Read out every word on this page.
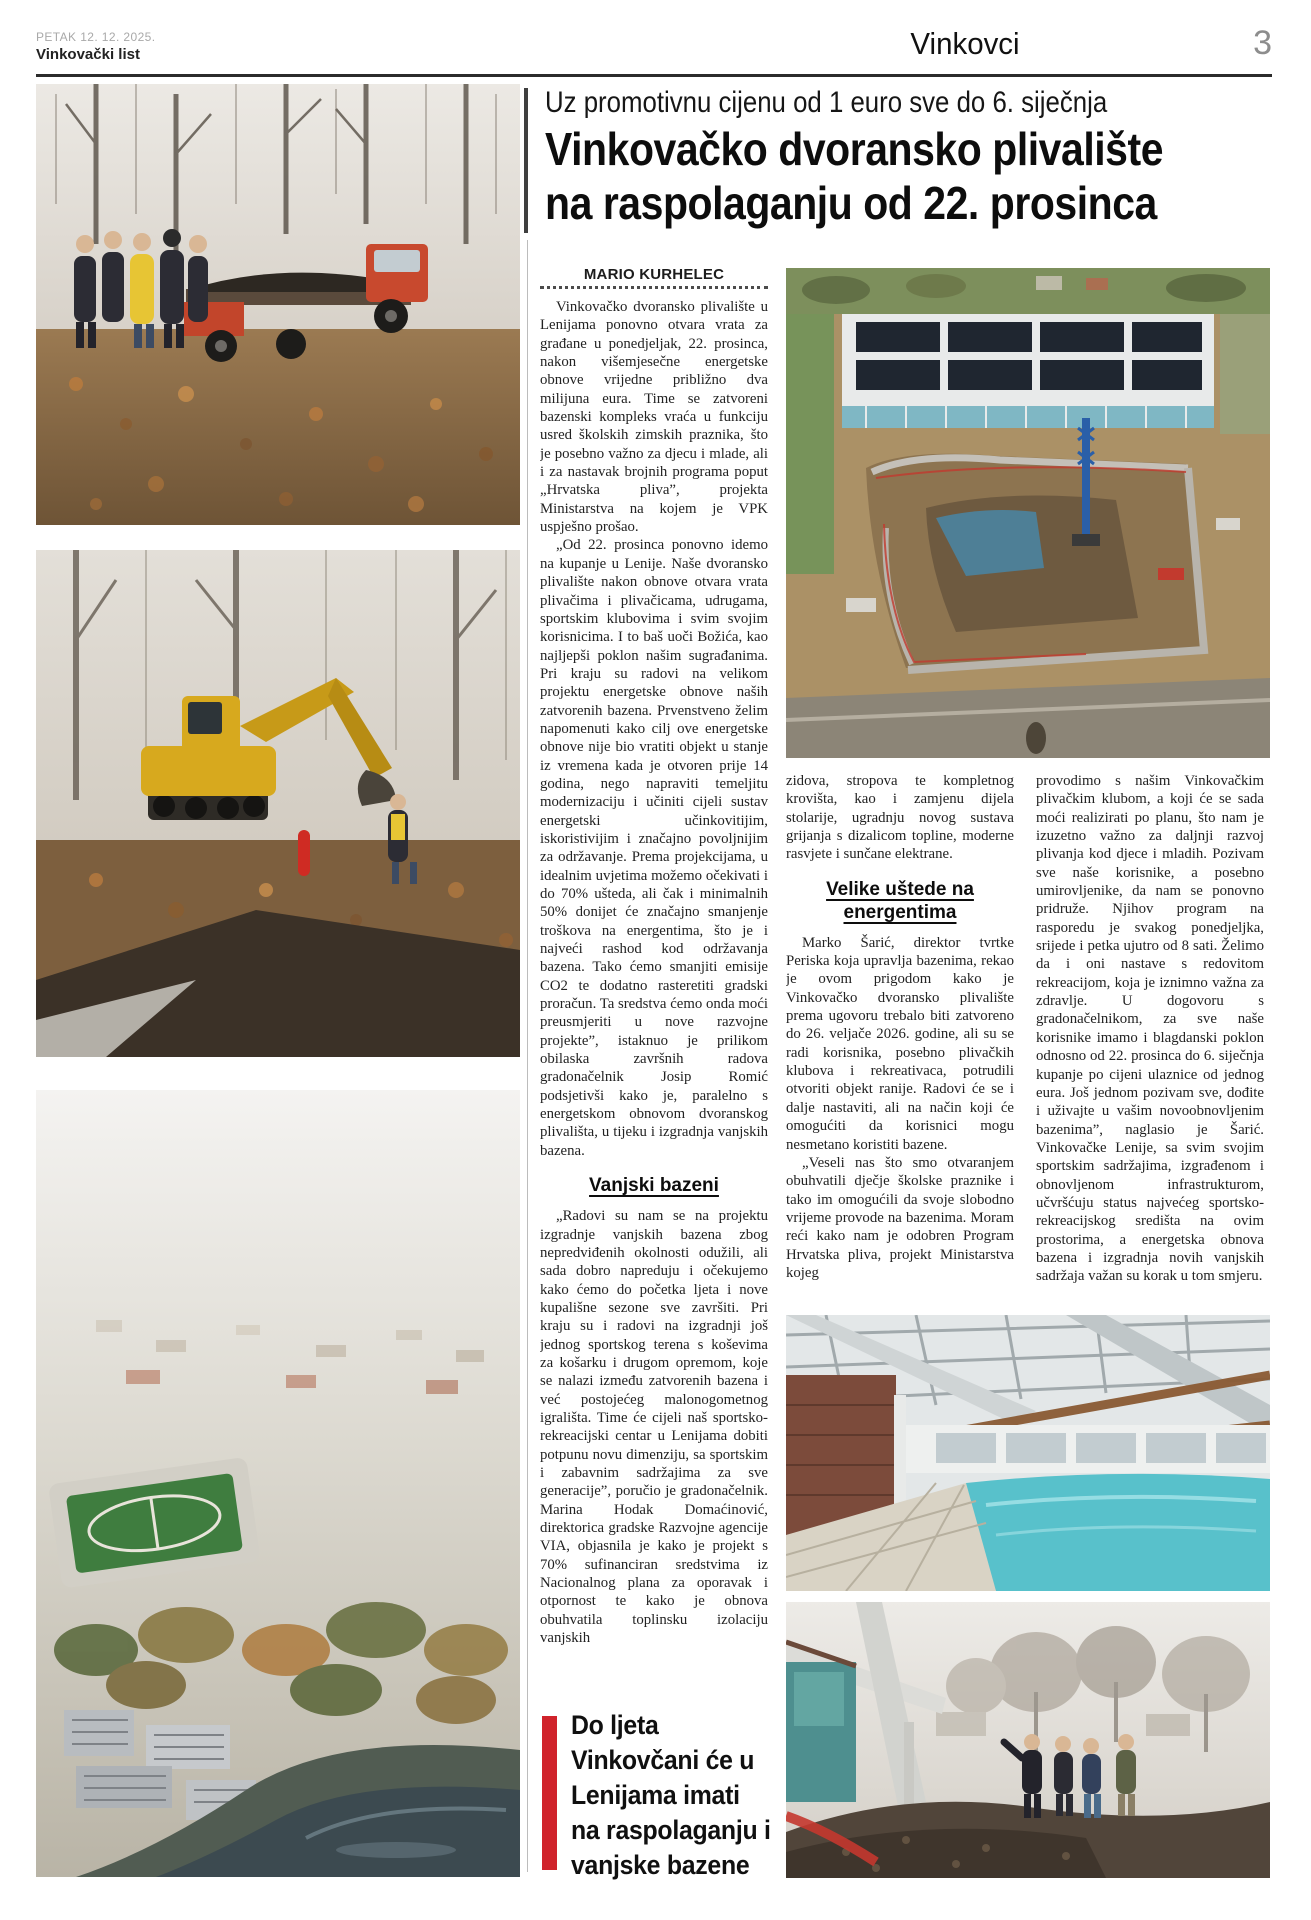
PETAK 12. 12. 2025.
Vinkovački list	Vinkovci	3
Uz promotivnu cijenu od 1 euro sve do 6. siječnja
Vinkovačko dvoransko plivalište
na raspolaganju od 22. prosinca
MARIO KURHELEC

Vinkovačko dvoransko plivalište u Lenijama ponovno otvara vrata za građane u ponedjeljak, 22. prosinca, nakon višemjesečne energetske obnove vrijedne približno dva milijuna eura. Time se zatvoreni bazenski kompleks vraća u funkciju usred školskih zimskih praznika, što je posebno važno za djecu i mlade, ali i za nastavak brojnih programa poput „Hrvatska pliva”, projekta Ministarstva na kojem je VPK uspješno prošao.

„Od 22. prosinca ponovno idemo na kupanje u Lenije. Naše dvoransko plivalište nakon obnove otvara vrata plivačima i plivačicama, udrugama, sportskim klubovima i svim svojim korisnicima. I to baš uoči Božića, kao najljepši poklon našim sugrađanima. Pri kraju su radovi na velikom projektu energetske obnove naših zatvorenih bazena. Prvenstveno želim napomenuti kako cilj ove energetske obnove nije bio vratiti objekt u stanje iz vremena kada je otvoren prije 14 godina, nego napraviti temeljitu modernizaciju i učiniti cijeli sustav energetski učinkovitijim, iskoristivijim i značajno povoljnijim za održavanje. Prema projekcijama, u idealnim uvjetima možemo očekivati i do 70% ušteda, ali čak i minimalnih 50% donijet će značajno smanjenje troškova na energentima, što je i najveći rashod kod održavanja bazena. Tako ćemo smanjiti emisije CO2 te dodatno rasteretiti gradski proračun. Ta sredstva ćemo onda moći preusmjeriti u nove razvojne projekte”, istaknuo je prilikom obilaska završnih radova gradonačelnik Josip Romić podsjetivši kako je, paralelno s energetskom obnovom dvoranskog plivališta, u tijeku i izgradnja vanjskih bazena.

Vanjski bazeni

„Radovi su nam se na projektu izgradnje vanjskih bazena zbog nepredviđenih okolnosti odužili, ali sada dobro napreduju i očekujemo kako ćemo do početka ljeta i nove kupališne sezone sve završiti. Pri kraju su i radovi na izgradnji još jednog sportskog terena s koševima za košarku i drugom opremom, koje se nalazi između zatvorenih bazena i već postojećeg malonogometnog igrališta. Time će cijeli naš sportsko-rekreacijski centar u Lenijama dobiti potpunu novu dimenziju, sa sportskim i zabavnim sadržajima za sve generacije”, poručio je gradonačelnik. Marina Hodak Domaćinović, direktorica gradske Razvojne agencije VIA, objasnila je kako je projekt s 70% sufinanciran sredstvima iz Nacionalnog plana za oporavak i otpornost te kako je obnova obuhvatila toplinsku izolaciju vanjskih

zidova, stropova te kompletnog krovišta, kao i zamjenu dijela stolarije, ugradnju novog sustava grijanja s dizalicom topline, moderne rasvjete i sunčane elektrane.

Velike uštede na energentima

Marko Šarić, direktor tvrtke Periska koja upravlja bazenima, rekao je ovom prigodom kako je Vinkovačko dvoransko plivalište prema ugovoru trebalo biti zatvoreno do 26. veljače 2026. godine, ali su se radi korisnika, posebno plivačkih klubova i rekreativaca, potrudili otvoriti objekt ranije. Radovi će se i dalje nastaviti, ali na način koji će omogućiti da korisnici mogu nesmetano koristiti bazene.

„Veseli nas što smo otvaranjem obuhvatili dječje školske praznike i tako im omogućili da svoje slobodno vrijeme provode na bazenima. Moram reći kako nam je odobren Program Hrvatska pliva, projekt Ministarstva kojeg

provodimo s našim Vinkovačkim plivačkim klubom, a koji će se sada moći realizirati po planu, što nam je izuzetno važno za daljnji razvoj plivanja kod djece i mladih. Pozivam sve naše korisnike, a posebno umirovljenike, da nam se ponovno pridruže. Njihov program na rasporedu je svakog ponedjeljka, srijede i petka ujutro od 8 sati. Želimo da i oni nastave s redovitom rekreacijom, koja je iznimno važna za zdravlje. U dogovoru s gradonačelnikom, za sve naše korisnike imamo i blagdanski poklon odnosno od 22. prosinca do 6. siječnja kupanje po cijeni ulaznice od jednog eura. Još jednom pozivam sve, dođite i uživajte u vašim novoobnovljenim bazenima”, naglasio je Šarić. Vinkovačke Lenije, sa svim svojim sportskim sadržajima, izgrađenom i obnovljenom infrastrukturom, učvršćuju status najvećeg sportsko-rekreacijskog središta na ovim prostorima, a energetska obnova bazena i izgradnja novih vanjskih sadržaja važan su korak u tom smjeru.

Do ljeta
Vinkovčani će u
Lenijama imati
na raspolaganju i
vanjske bazene
